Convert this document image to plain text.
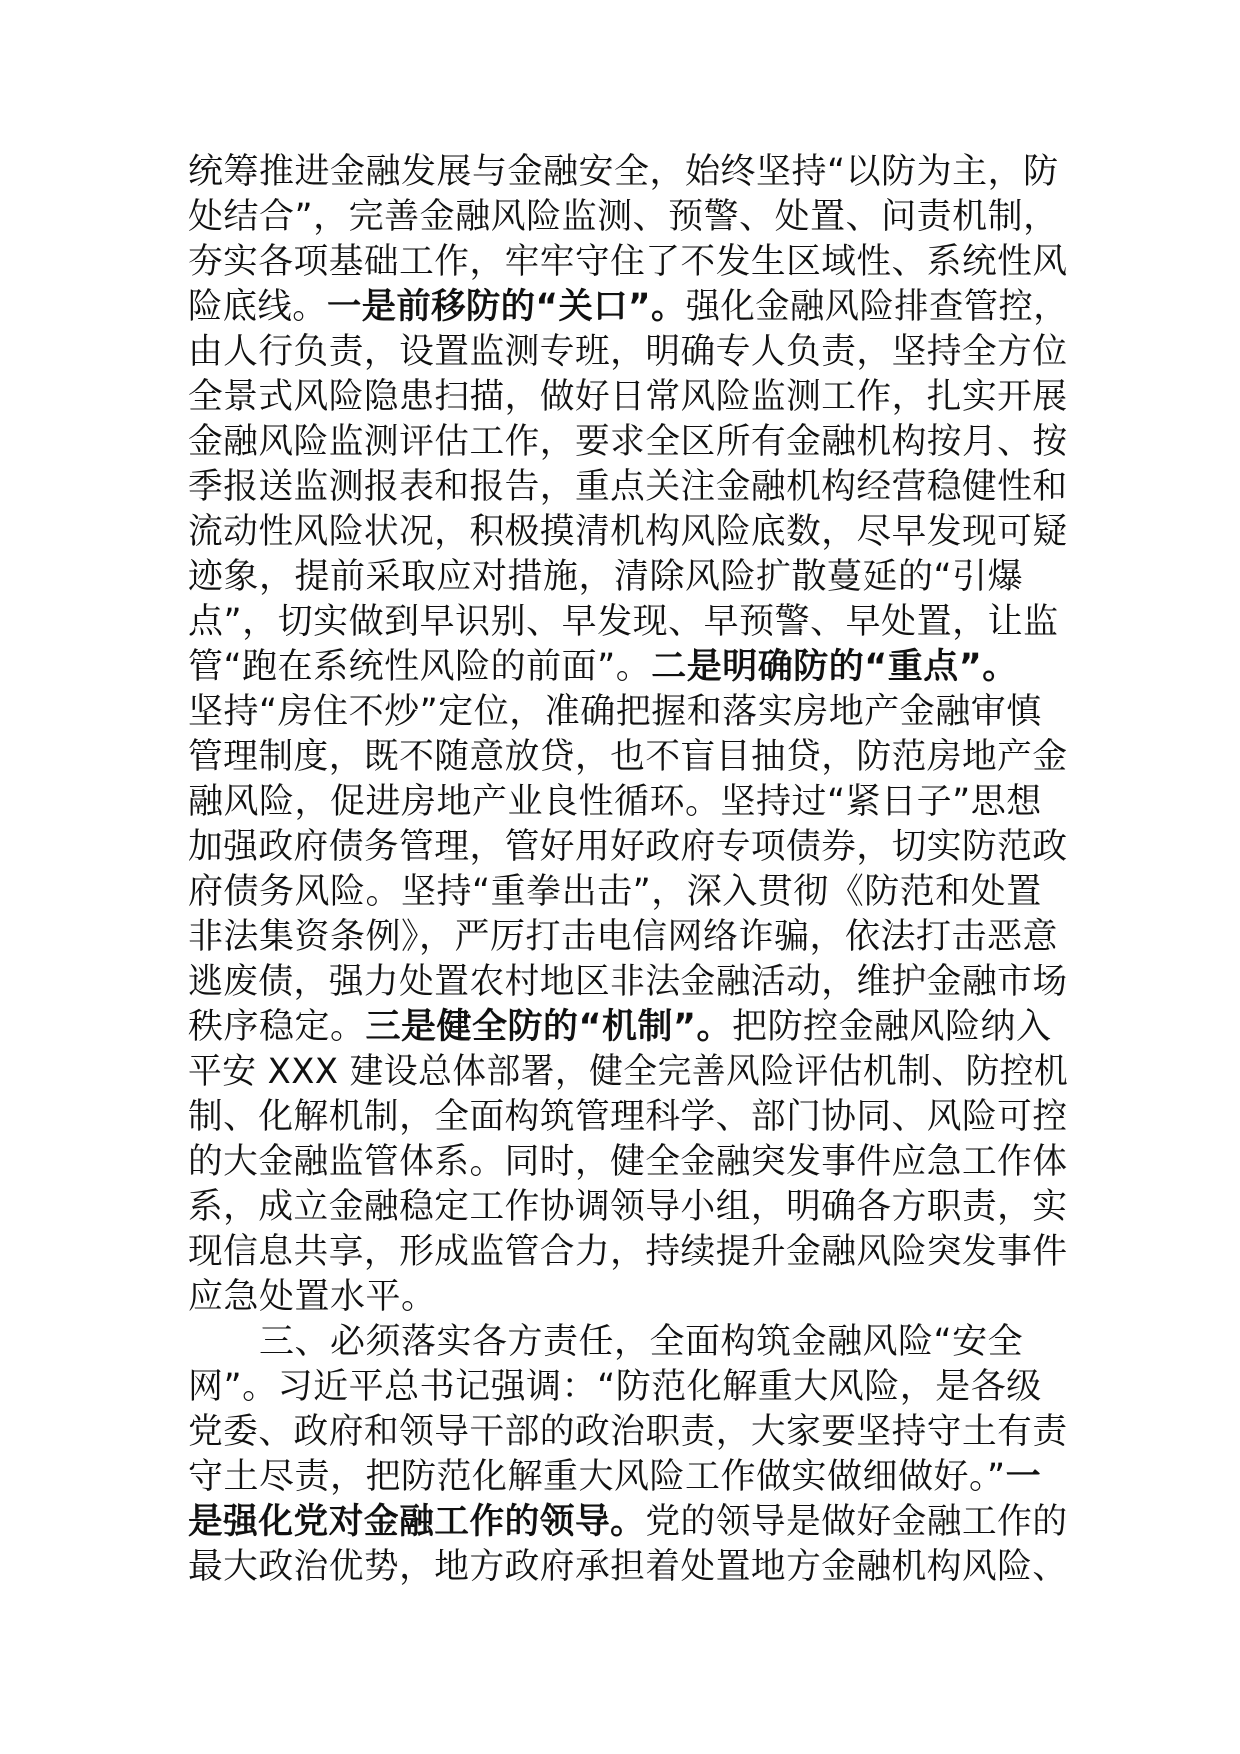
统筹推进金融发展与金融安全，始终坚持“以防为主，防
处结合”，完善金融风险监测、预警、处置、问责机制，
夯实各项基础工作，牢牢守住了不发生区域性、系统性风
险底线。一是前移防的“关口”。强化金融风险排查管控，
由人行负责，设置监测专班，明确专人负责，坚持全方位
全景式风险隐患扫描，做好日常风险监测工作，扎实开展
金融风险监测评估工作，要求全区所有金融机构按月、按
季报送监测报表和报告，重点关注金融机构经营稳健性和
流动性风险状况，积极摸清机构风险底数，尽早发现可疑
迹象，提前采取应对措施，清除风险扩散蔓延的“引爆
点”，切实做到早识别、早发现、早预警、早处置，让监
管“跑在系统性风险的前面”。二是明确防的“重点”。
坚持“房住不炒”定位，准确把握和落实房地产金融审慎
管理制度，既不随意放贷，也不盲目抽贷，防范房地产金
融风险，促进房地产业良性循环。坚持过“紧日子”思想
加强政府债务管理，管好用好政府专项债券，切实防范政
府债务风险。坚持“重拳出击”，深入贯彻《防范和处置
非法集资条例》，严厉打击电信网络诈骗，依法打击恶意
逃废债，强力处置农村地区非法金融活动，维护金融市场
秩序稳定。三是健全防的“机制”。把防控金融风险纳入
平安 XXX 建设总体部署，健全完善风险评估机制、防控机
制、化解机制，全面构筑管理科学、部门协同、风险可控
的大金融监管体系。同时，健全金融突发事件应急工作体
系，成立金融稳定工作协调领导小组，明确各方职责，实
现信息共享，形成监管合力，持续提升金融风险突发事件
应急处置水平。
　　三、必须落实各方责任，全面构筑金融风险“安全
网”。习近平总书记强调：“防范化解重大风险，是各级
党委、政府和领导干部的政治职责，大家要坚持守土有责
守土尽责，把防范化解重大风险工作做实做细做好。”一
是强化党对金融工作的领导。党的领导是做好金融工作的
最大政治优势，地方政府承担着处置地方金融机构风险、
